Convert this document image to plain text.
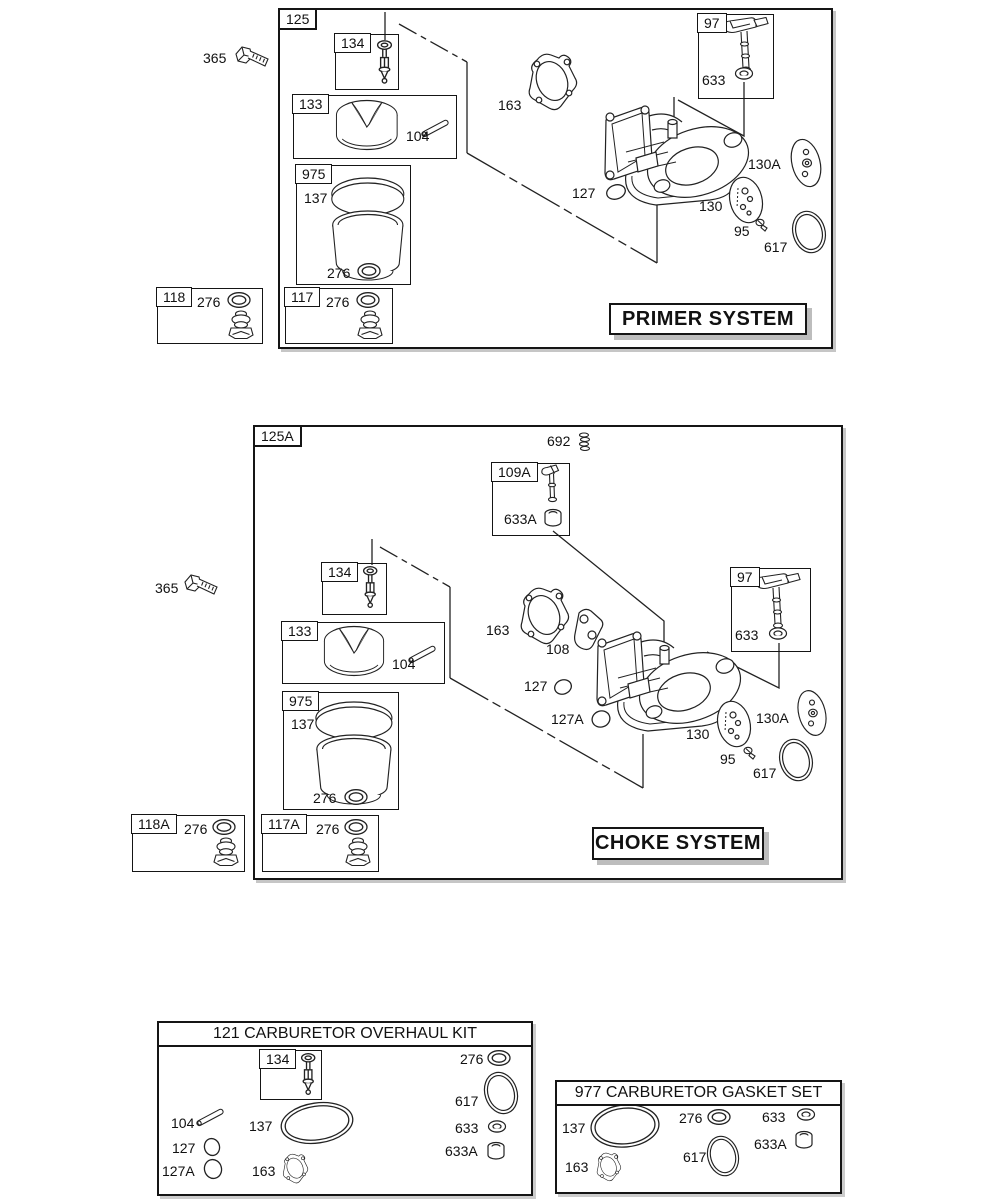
125
365
134
133
104
975
137
276
118 276	117 276
97
633
163
127
130
130A
95
617
PRIMER SYSTEM
125A
365
692
109A
633A
134
133
104
975
137
276
118A	276	117A	276
97
633
163
108
127
127A
130
130A
95
617
CHOKE SYSTEM
121 CARBURETOR OVERHAUL KIT
134
104	137
127
127A	163
276
617
633
633A
977 CARBURETOR GASKET SET
137
163
276
617
633
633A
